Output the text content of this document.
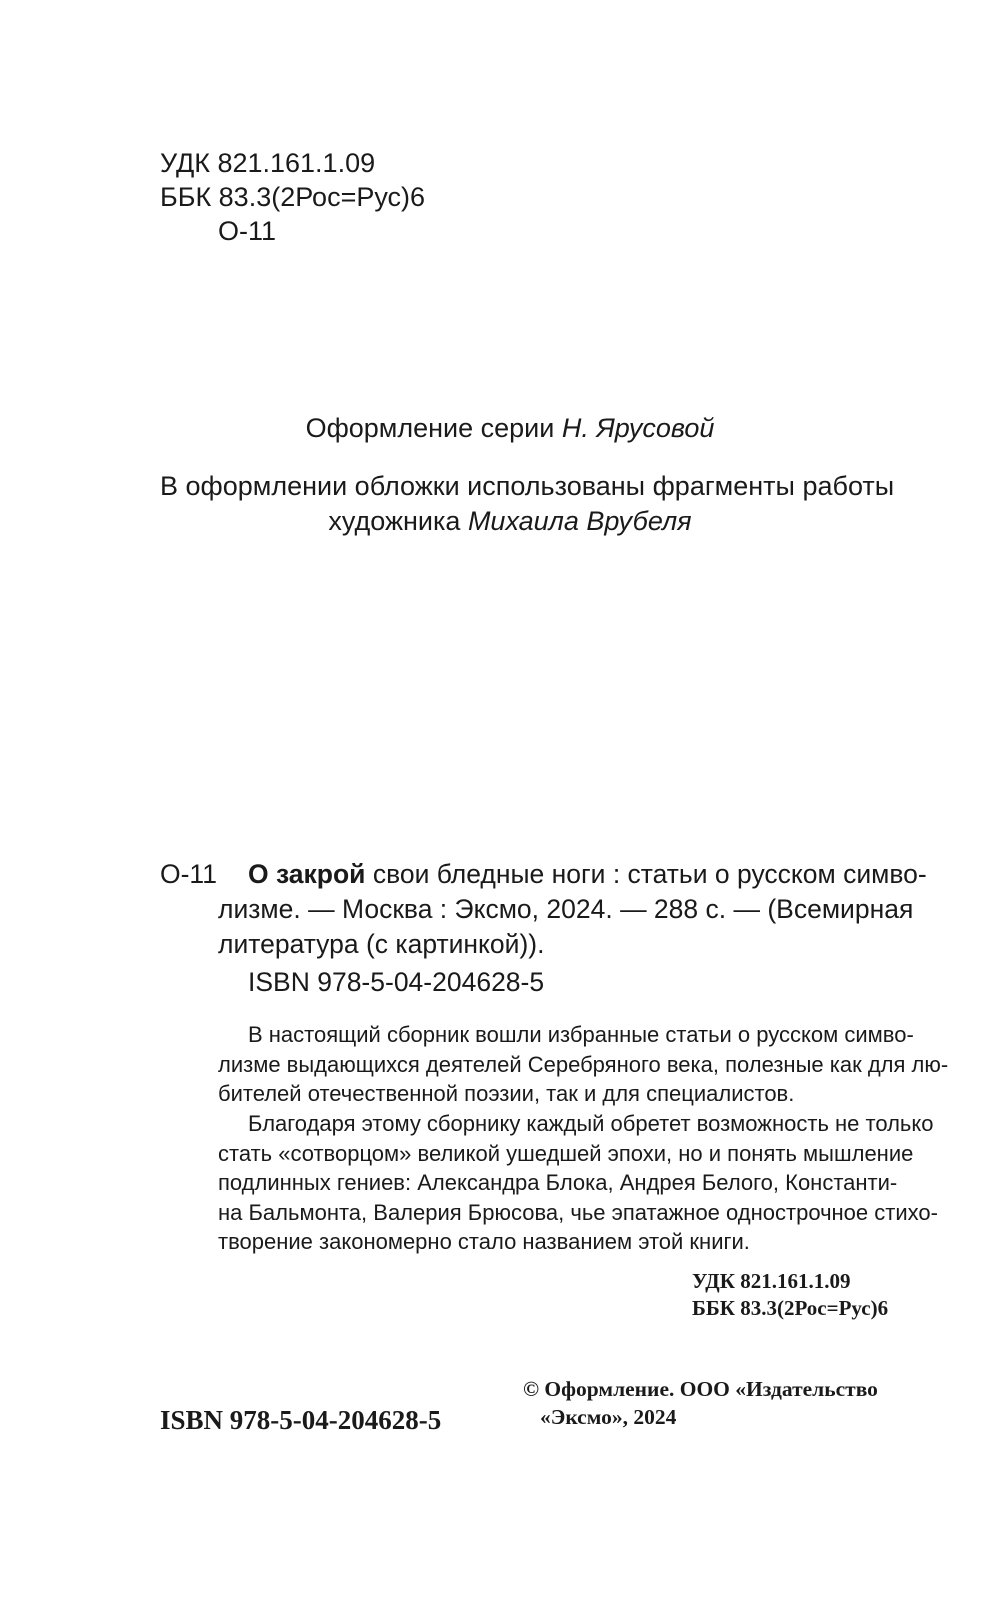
УДК 821.161.1.09
ББК 83.3(2Рос=Рус)6
О-11
Оформление серии Н. Ярусовой
В оформлении обложки использованы фрагменты работы
художника Михаила Врубеля
О-11 О закрой свои бледные ноги : статьи о русском симво-
лизме. — Москва : Эксмо, 2024. — 288 с. — (Всемирная
литература (с картинкой)).
ISBN 978-5-04-204628-5
В настоящий сборник вошли избранные статьи о русском симво-
лизме выдающихся деятелей Серебряного века, полезные как для лю-
бителей отечественной поэзии, так и для специалистов.
Благодаря этому сборнику каждый обретет возможность не только
стать «сотворцом» великой ушедшей эпохи, но и понять мышление
подлинных гениев: Александра Блока, Андрея Белого, Константи-
на Бальмонта, Валерия Брюсова, чье эпатажное однострочное стихо-
творение закономерно стало названием этой книги.
УДК 821.161.1.09
ББК 83.3(2Рос=Рус)6
ISBN 978-5-04-204628-5
© Оформление. ООО «Издательство
«Эксмо», 2024
